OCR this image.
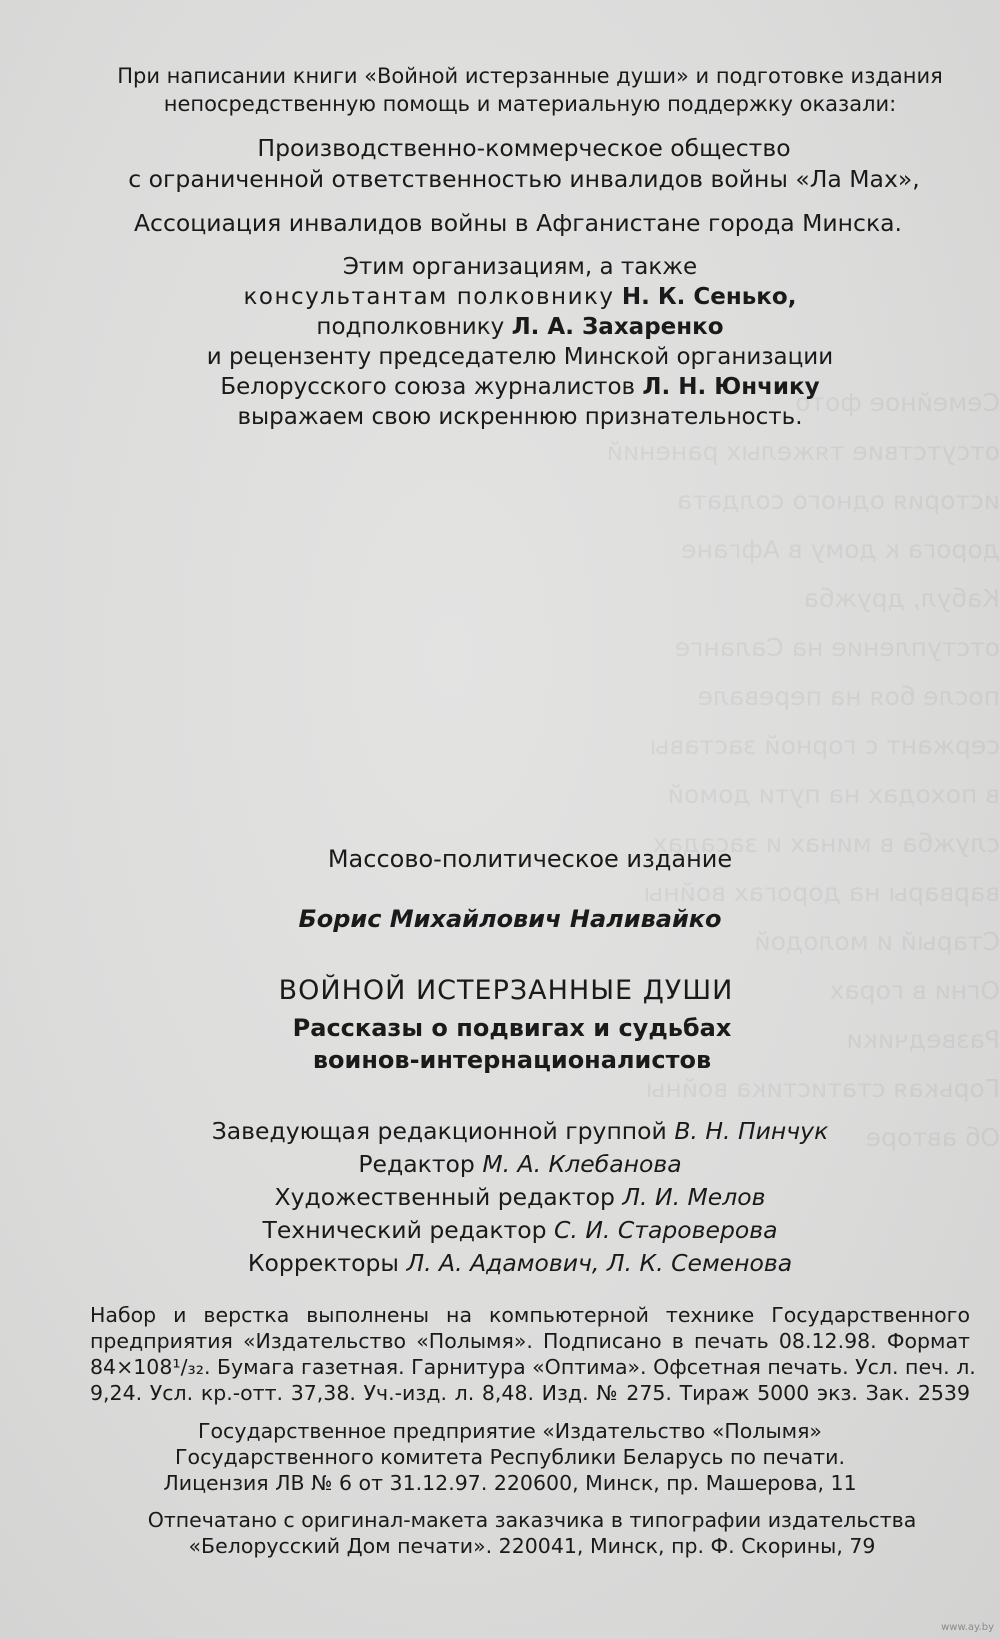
Семейное фото
отсутствие тяжелых ранений
история одного солдата
дорога к дому в Афгане
Кабул, дружба
отступление на Саланге
после боя на перевале
сержант с горной заставы
в походах на пути домой
служба в минах и засадах
варвары на дорогах войны
Старый и молодой
Огни в горах
Разведчики
Горькая статистика войны
Об авторе
При написании книги «Войной истерзанные души» и подготовке издания
непосредственную помощь и материальную поддержку оказали:
Производственно-коммерческое общество
с ограниченной ответственностью инвалидов войны «Ла Мах»,
Ассоциация инвалидов войны в Афганистане города Минска.
Этим организациям, а также
консультантам полковнику Н. К. Сенько,
подполковнику Л. А. Захаренко
и рецензенту председателю Минской организации
Белорусского союза журналистов Л. Н. Юнчику
выражаем свою искреннюю признательность.
Массово-политическое издание
Борис Михайлович Наливайко
ВОЙНОЙ ИСТЕРЗАННЫЕ ДУШИ
Рассказы о подвигах и судьбах
воинов-интернационалистов
Заведующая редакционной группой В. Н. Пинчук
Редактор М. А. Клебанова
Художественный редактор Л. И. Мелов
Технический редактор С. И. Староверова
Корректоры Л. А. Адамович, Л. К. Семенова
Набор и верстка выполнены на компьютерной технике Государственного
предприятия «Издательство «Полымя». Подписано в печать 08.12.98. Формат
84×108¹/₃₂. Бумага газетная. Гарнитура «Оптима». Офсетная печать. Усл. печ. л.
9,24. Усл. кр.-отт. 37,38. Уч.-изд. л. 8,48. Изд. № 275. Тираж 5000 экз. Зак. 2539
Государственное предприятие «Издательство «Полымя»
Государственного комитета Республики Беларусь по печати.
Лицензия ЛВ № 6 от 31.12.97. 220600, Минск, пр. Машерова, 11
Отпечатано с оригинал-макета заказчика в типографии издательства
«Белорусский Дом печати». 220041, Минск, пр. Ф. Скорины, 79
www.ay.by
